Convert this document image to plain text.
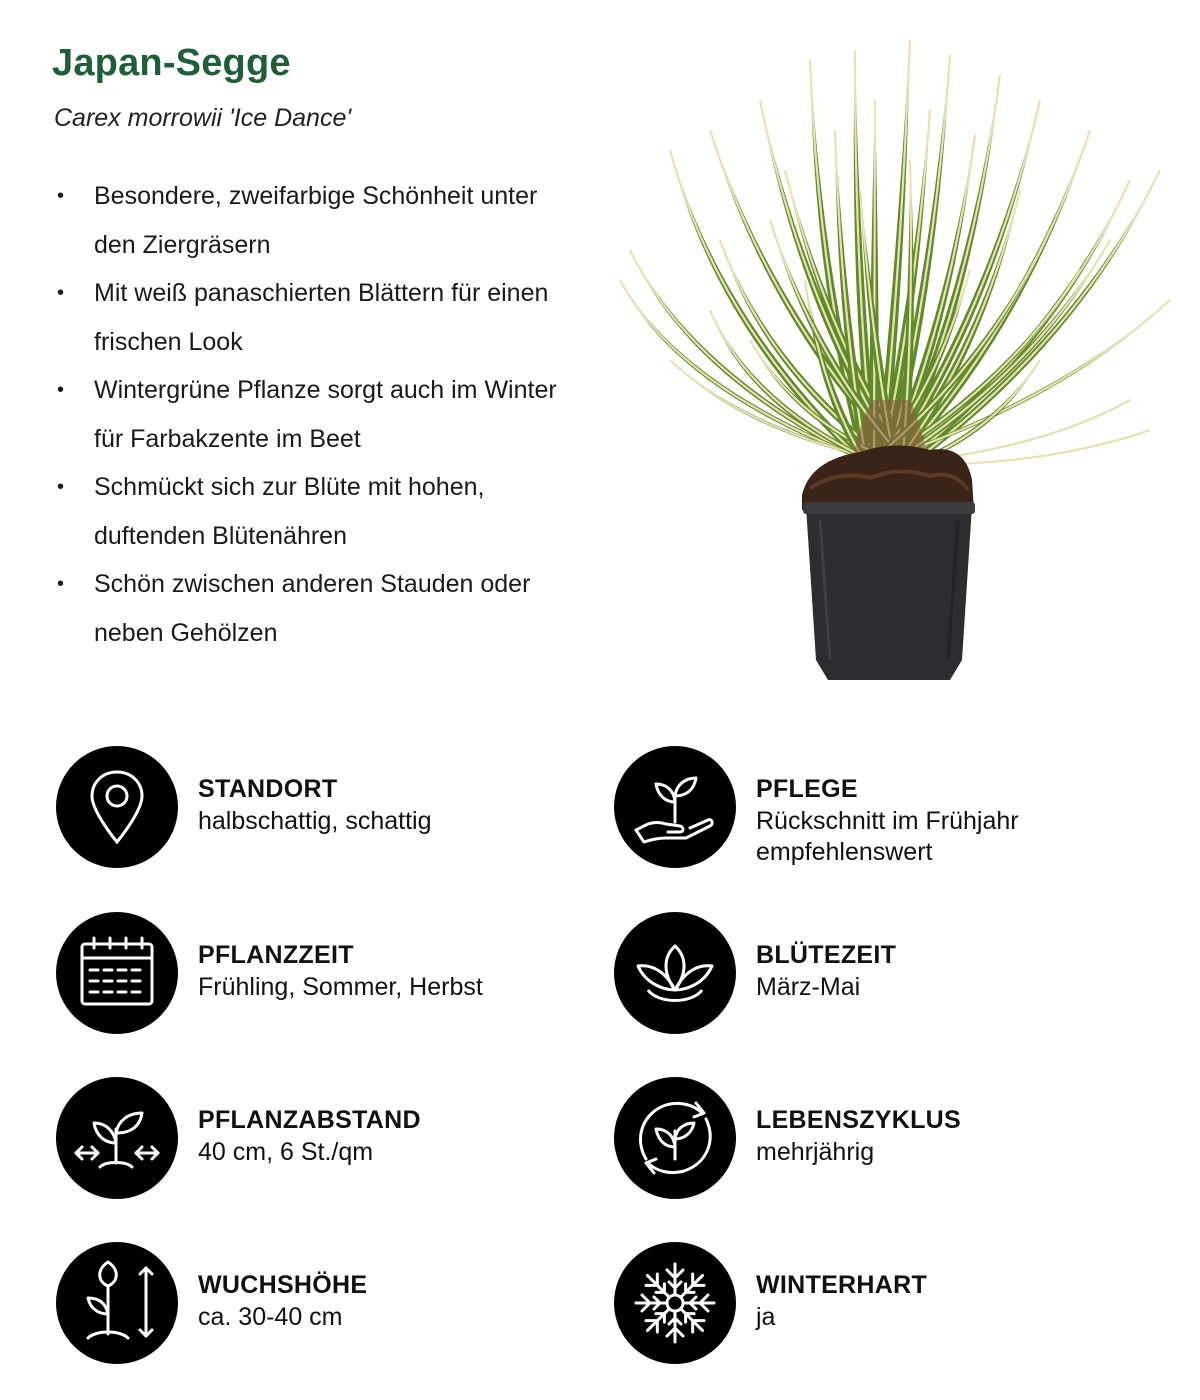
Japan-Segge
Carex morrowii 'Ice Dance'
• Besondere, zweifarbige Schönheit unter
den Ziergräsern
• Mit weiß panaschierten Blättern für einen
frischen Look
• Wintergrüne Pflanze sorgt auch im Winter
für Farbakzente im Beet
• Schmückt sich zur Blüte mit hohen,
duftenden Blütenähren
• Schön zwischen anderen Stauden oder
neben Gehölzen
STANDORT
halbschattig, schattig
PFLEGE
Rückschnitt im Frühjahr empfehlenswert
PFLANZZEIT
Frühling, Sommer, Herbst
BLÜTEZEIT
März-Mai
PFLANZABSTAND
40 cm, 6 St./qm
LEBENSZYKLUS
mehrjährig
WUCHSHÖHE
ca. 30-40 cm
WINTERHART
ja
